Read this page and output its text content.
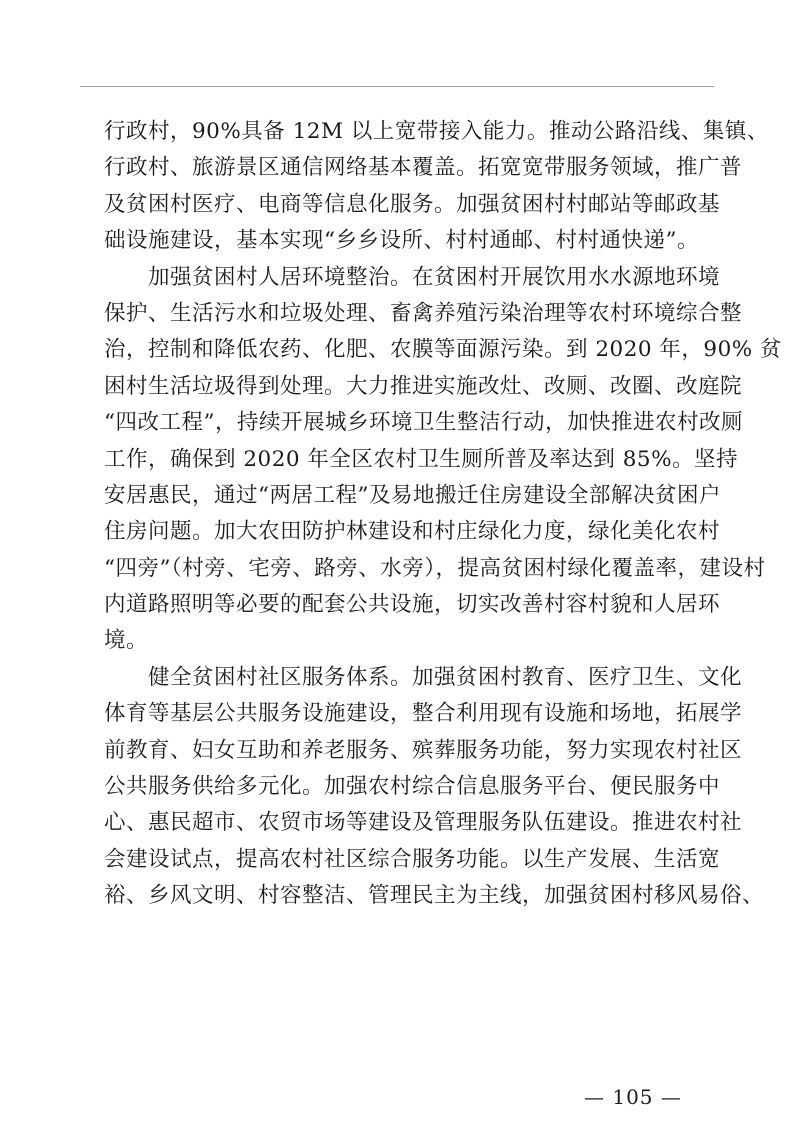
行政村，90%具备 12M 以上宽带接入能力。推动公路沿线、集镇、
行政村、旅游景区通信网络基本覆盖。拓宽宽带服务领域，推广普
及贫困村医疗、电商等信息化服务。加强贫困村村邮站等邮政基
础设施建设，基本实现“乡乡设所、村村通邮、村村通快递”。
加强贫困村人居环境整治。在贫困村开展饮用水水源地环境
保护、生活污水和垃圾处理、畜禽养殖污染治理等农村环境综合整
治，控制和降低农药、化肥、农膜等面源污染。到 2020 年，90% 贫
困村生活垃圾得到处理。大力推进实施改灶、改厕、改圈、改庭院
“四改工程”，持续开展城乡环境卫生整洁行动，加快推进农村改厕
工作，确保到 2020 年全区农村卫生厕所普及率达到 85%。坚持
安居惠民，通过“两居工程”及易地搬迁住房建设全部解决贫困户
住房问题。加大农田防护林建设和村庄绿化力度，绿化美化农村
“四旁”（村旁、宅旁、路旁、水旁），提高贫困村绿化覆盖率，建设村
内道路照明等必要的配套公共设施，切实改善村容村貌和人居环
境。
健全贫困村社区服务体系。加强贫困村教育、医疗卫生、文化
体育等基层公共服务设施建设，整合利用现有设施和场地，拓展学
前教育、妇女互助和养老服务、殡葬服务功能，努力实现农村社区
公共服务供给多元化。加强农村综合信息服务平台、便民服务中
心、惠民超市、农贸市场等建设及管理服务队伍建设。推进农村社
会建设试点，提高农村社区综合服务功能。以生产发展、生活宽
裕、乡风文明、村容整洁、管理民主为主线，加强贫困村移风易俗、
— 105 —
